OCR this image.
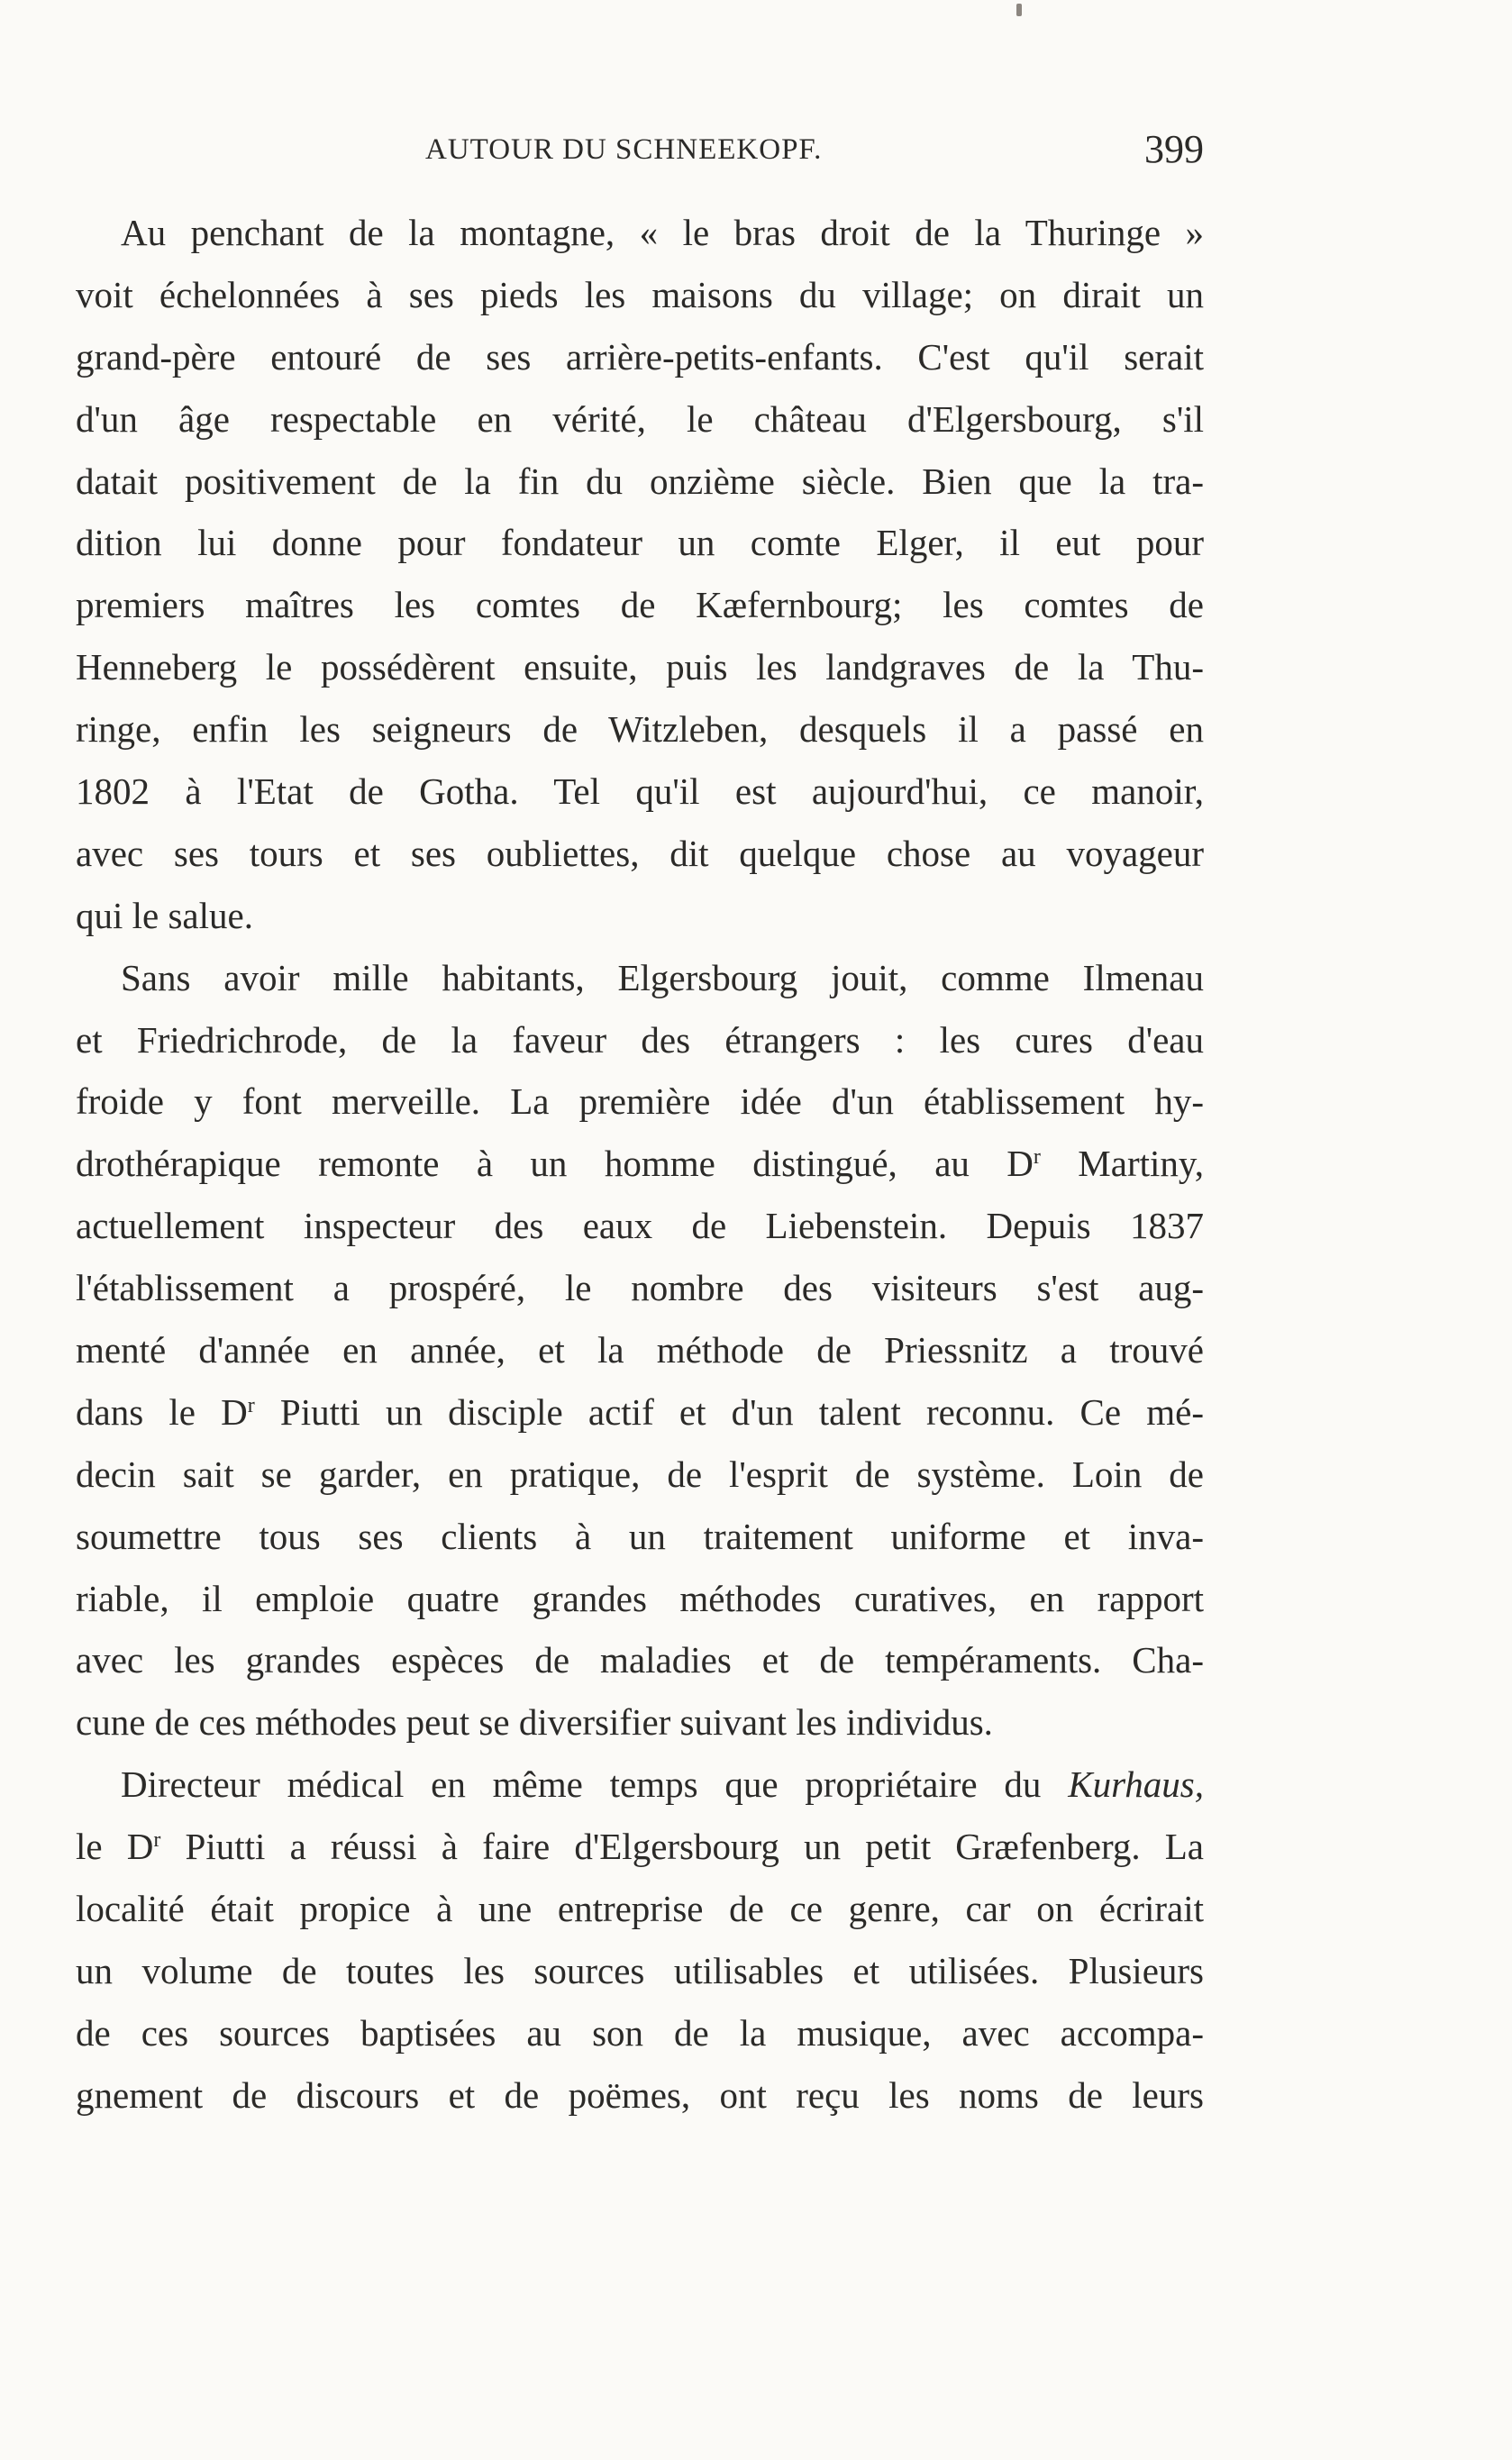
AUTOUR DU SCHNEEKOPF.	399
Au penchant de la montagne, « le bras droit de la Thuringe »
voit échelonnées à ses pieds les maisons du village; on dirait un
grand-père entouré de ses arrière-petits-enfants. C'est qu'il serait
d'un âge respectable en vérité, le château d'Elgersbourg, s'il
datait positivement de la fin du onzième siècle. Bien que la tra-
dition lui donne pour fondateur un comte Elger, il eut pour
premiers maîtres les comtes de Kæfernbourg; les comtes de
Henneberg le possédèrent ensuite, puis les landgraves de la Thu-
ringe, enfin les seigneurs de Witzleben, desquels il a passé en
1802 à l'Etat de Gotha. Tel qu'il est aujourd'hui, ce manoir,
avec ses tours et ses oubliettes, dit quelque chose au voyageur
qui le salue.
Sans avoir mille habitants, Elgersbourg jouit, comme Ilmenau
et Friedrichrode, de la faveur des étrangers : les cures d'eau
froide y font merveille. La première idée d'un établissement hy-
drothérapique remonte à un homme distingué, au $D^r$ Martiny,
actuellement inspecteur des eaux de Liebenstein. Depuis 1837
l'établissement a prospéré, le nombre des visiteurs s'est aug-
menté d'année en année, et la méthode de Priessnitz a trouvé
dans le $D^r$ Piutti un disciple actif et d'un talent reconnu. Ce mé-
decin sait se garder, en pratique, de l'esprit de système. Loin de
soumettre tous ses clients à un traitement uniforme et inva-
riable, il emploie quatre grandes méthodes curatives, en rapport
avec les grandes espèces de maladies et de tempéraments. Cha-
cune de ces méthodes peut se diversifier suivant les individus.
Directeur médical en même temps que propriétaire du Kurhaus,
le $D^r$ Piutti a réussi à faire d'Elgersbourg un petit Græfenberg. La
localité était propice à une entreprise de ce genre, car on écrirait
un volume de toutes les sources utilisables et utilisées. Plusieurs
de ces sources baptisées au son de la musique, avec accompa-
gnement de discours et de poëmes, ont reçu les noms de leurs
